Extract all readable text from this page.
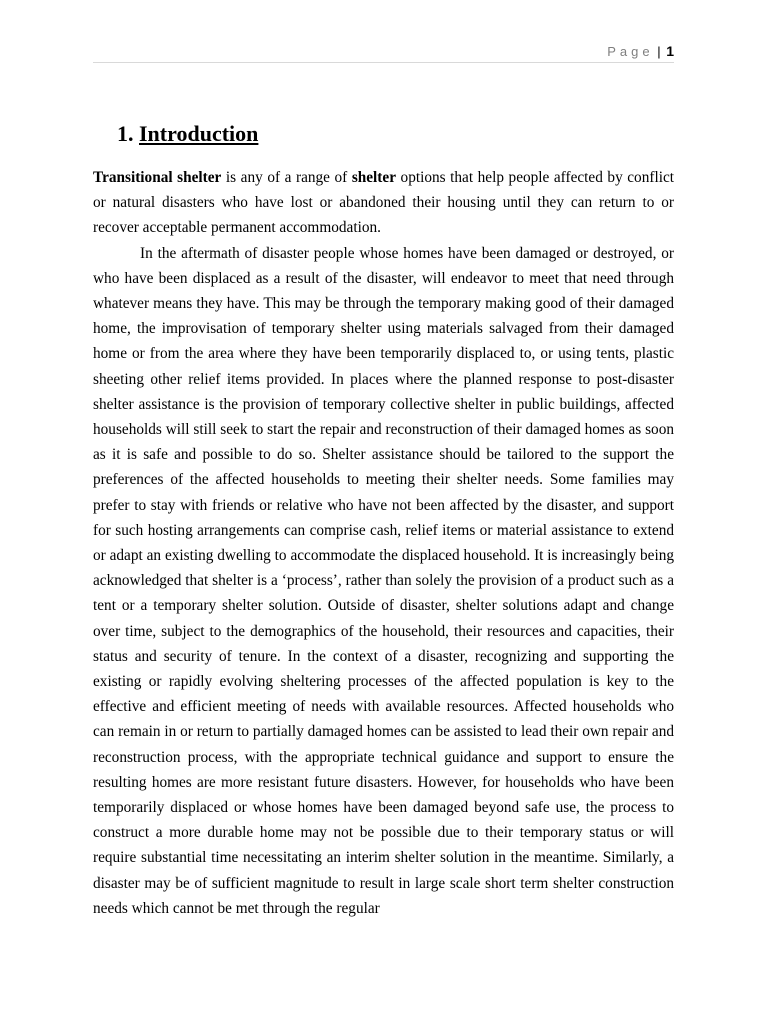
Page | 1
1. Introduction

Transitional shelter is any of a range of shelter options that help people affected by conflict or natural disasters who have lost or abandoned their housing until they can return to or recover acceptable permanent accommodation.

In the aftermath of disaster people whose homes have been damaged or destroyed, or who have been displaced as a result of the disaster, will endeavor to meet that need through whatever means they have. This may be through the temporary making good of their damaged home, the improvisation of temporary shelter using materials salvaged from their damaged home or from the area where they have been temporarily displaced to, or using tents, plastic sheeting other relief items provided. In places where the planned response to post-disaster shelter assistance is the provision of temporary collective shelter in public buildings, affected households will still seek to start the repair and reconstruction of their damaged homes as soon as it is safe and possible to do so. Shelter assistance should be tailored to the support the preferences of the affected households to meeting their shelter needs. Some families may prefer to stay with friends or relative who have not been affected by the disaster, and support for such hosting arrangements can comprise cash, relief items or material assistance to extend or adapt an existing dwelling to accommodate the displaced household. It is increasingly being acknowledged that shelter is a ‘process’, rather than solely the provision of a product such as a tent or a temporary shelter solution. Outside of disaster, shelter solutions adapt and change over time, subject to the demographics of the household, their resources and capacities, their status and security of tenure. In the context of a disaster, recognizing and supporting the existing or rapidly evolving sheltering processes of the affected population is key to the effective and efficient meeting of needs with available resources. Affected households who can remain in or return to partially damaged homes can be assisted to lead their own repair and reconstruction process, with the appropriate technical guidance and support to ensure the resulting homes are more resistant future disasters. However, for households who have been temporarily displaced or whose homes have been damaged beyond safe use, the process to construct a more durable home may not be possible due to their temporary status or will require substantial time necessitating an interim shelter solution in the meantime. Similarly, a disaster may be of sufficient magnitude to result in large scale short term shelter construction needs which cannot be met through the regular
